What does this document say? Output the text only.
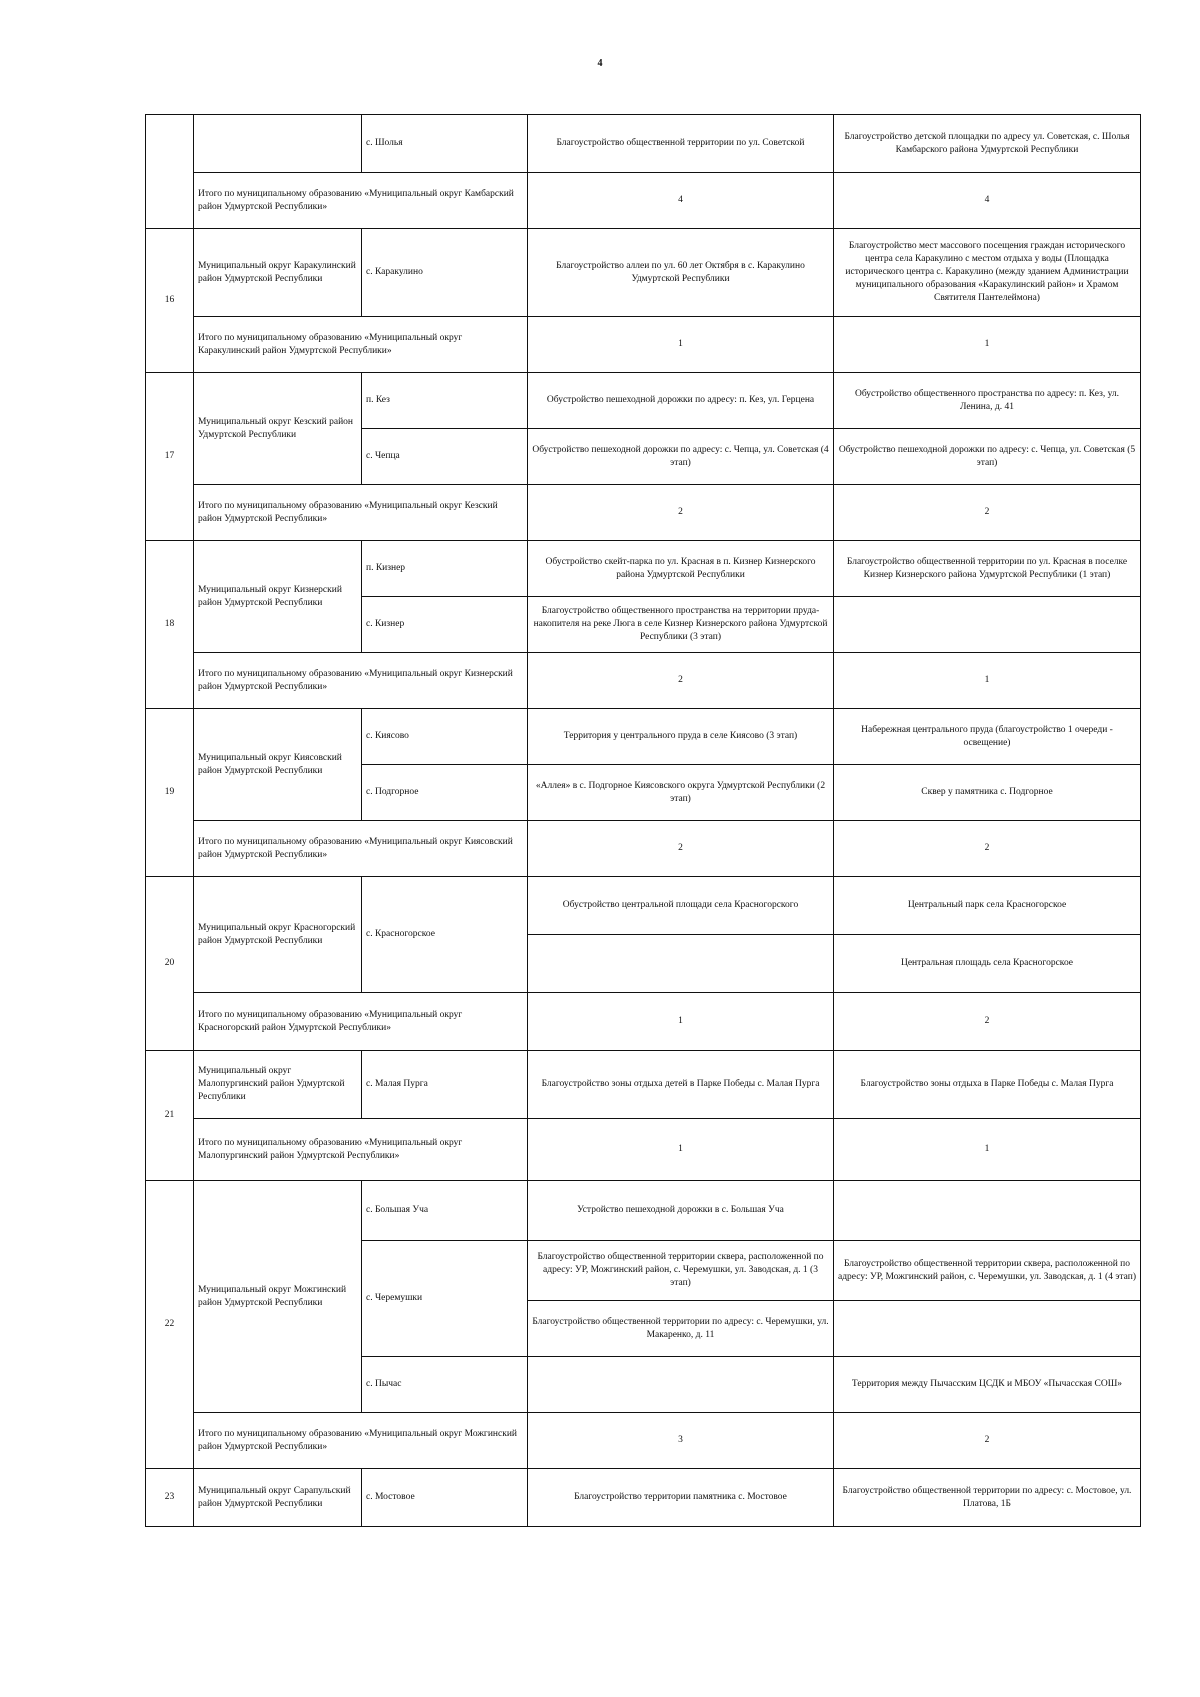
4
		с. Шолья	Благоустройство общественной территории по ул. Советской	Благоустройство детской площадки по адресу ул. Советская, с. Шолья Камбарского района Удмуртской Республики
	Итого по муниципальному образованию «Муниципальный округ Камбарский район Удмуртской Республики»		4	4
16	Муниципальный округ Каракулинский район Удмуртской Республики	с. Каракулино	Благоустройство аллеи по ул. 60 лет Октября в с. Каракулино Удмуртской Республики	Благоустройство мест массового посещения граждан исторического центра села Каракулино с местом отдыха у воды (Площадка исторического центра с. Каракулино (между зданием Администрации муниципального образования «Каракулинский район» и Храмом Святителя Пантелеймона)
	Итого по муниципальному образованию «Муниципальный округ Каракулинский район Удмуртской Республики»		1	1
17	Муниципальный округ Кезский район Удмуртской Республики	п. Кез	Обустройство пешеходной дорожки по адресу: п. Кез, ул. Герцена	Обустройство общественного пространства по адресу: п. Кез, ул. Ленина, д. 41
		с. Чепца	Обустройство пешеходной дорожки по адресу: с. Чепца, ул. Советская (4 этап)	Обустройство пешеходной дорожки по адресу: с. Чепца, ул. Советская (5 этап)
	Итого по муниципальному образованию «Муниципальный округ Кезский район Удмуртской Республики»		2	2
18	Муниципальный округ Кизнерский район Удмуртской Республики	п. Кизнер	Обустройство скейт-парка по ул. Красная в п. Кизнер Кизнерского района Удмуртской Республики	Благоустройство общественной территории по ул. Красная в поселке Кизнер Кизнерского района Удмуртской Республики (1 этап)
		с. Кизнер	Благоустройство общественного пространства на территории пруда-накопителя на реке Люга в селе Кизнер Кизнерского района Удмуртской Республики (3 этап)	
	Итого по муниципальному образованию «Муниципальный округ Кизнерский район Удмуртской Республики»		2	1
19	Муниципальный округ Киясовский район Удмуртской Республики	с. Киясово	Территория у центрального пруда в селе Киясово (3 этап)	Набережная центрального пруда (благоустройство 1 очереди - освещение)
		с. Подгорное	«Аллея» в с. Подгорное Киясовского округа Удмуртской Республики (2 этап)	Сквер у памятника с. Подгорное
	Итого по муниципальному образованию «Муниципальный округ Киясовский район Удмуртской Республики»		2	2
20	Муниципальный округ Красногорский район Удмуртской Республики	с. Красногорское	Обустройство центральной площади села Красногорского	Центральный парк села Красногорское
				Центральная площадь села Красногорское
	Итого по муниципальному образованию «Муниципальный округ Красногорский район Удмуртской Республики»		1	2
21	Муниципальный округ Малопургинский район Удмуртской Республики	с. Малая Пурга	Благоустройство зоны отдыха детей в Парке Победы с. Малая Пурга	Благоустройство зоны отдыха в Парке Победы с. Малая Пурга
	Итого по муниципальному образованию «Муниципальный округ Малопургинский район Удмуртской Республики»		1	1
22	Муниципальный округ Можгинский район Удмуртской Республики	с. Большая Уча	Устройство пешеходной дорожки в с. Большая Уча	
		с. Черемушки	Благоустройство общественной территории сквера, расположенной по адресу: УР, Можгинский район, с. Черемушки, ул. Заводская, д. 1 (3 этап)	Благоустройство общественной территории сквера, расположенной по адресу: УР, Можгинский район, с. Черемушки, ул. Заводская, д. 1 (4 этап)
			Благоустройство общественной территории по адресу: с. Черемушки, ул. Макаренко, д. 11	
		с. Пычас		Территория между Пычасским ЦСДК и МБОУ «Пычасская СОШ»
	Итого по муниципальному образованию «Муниципальный округ Можгинский район Удмуртской Республики»		3	2
23	Муниципальный округ Сарапульский район Удмуртской Республики	с. Мостовое	Благоустройство территории памятника с. Мостовое	Благоустройство общественной территории по адресу: с. Мостовое, ул. Платова, 1Б
